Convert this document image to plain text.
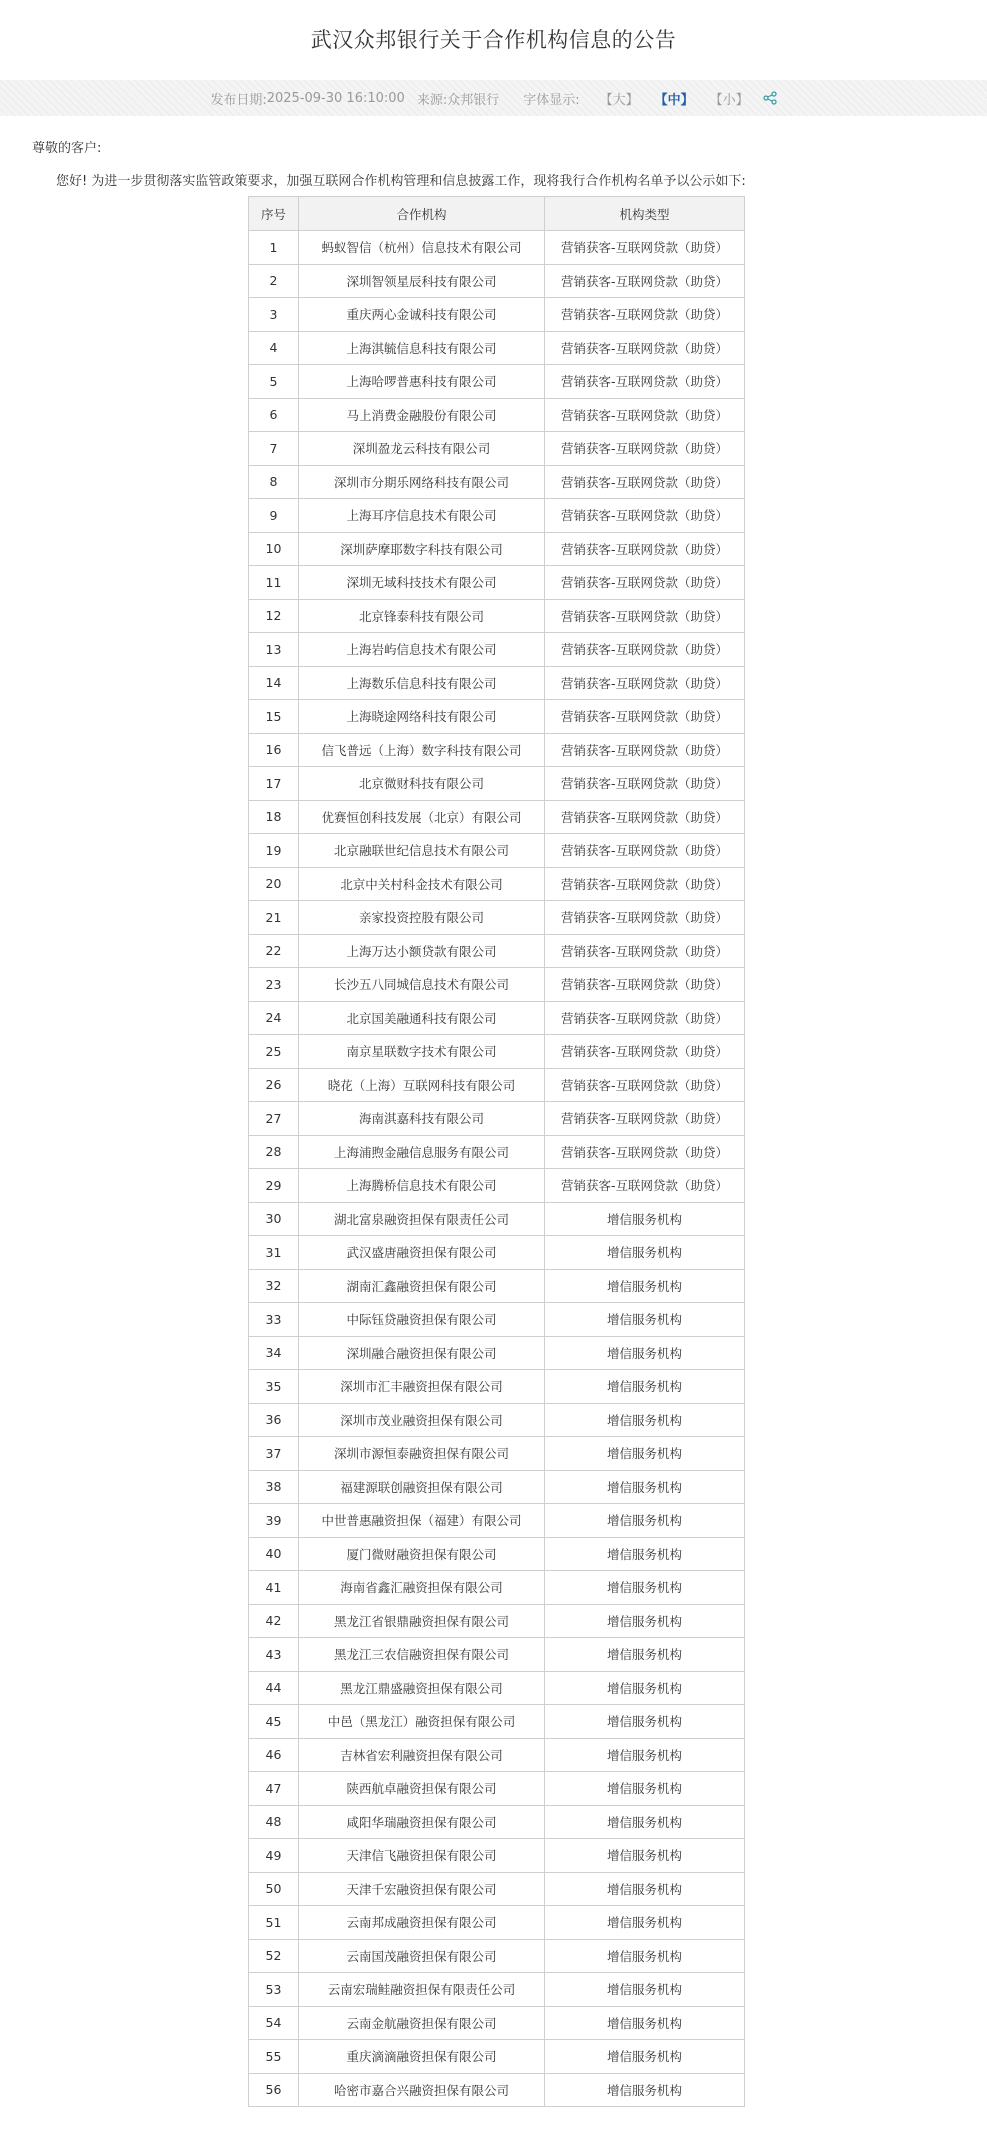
武汉众邦银行关于合作机构信息的公告
发布日期: 2025-09-30 16:10:00 来源: 众邦银行 字体显示: 【大】 【中】 【小】
尊敬的客户:
您好! 为进一步贯彻落实监管政策要求，加强互联网合作机构管理和信息披露工作，现将我行合作机构名单予以公示如下:
序号	合作机构	机构类型
1	蚂蚁智信（杭州）信息技术有限公司	营销获客-互联网贷款（助贷）
2	深圳智领星辰科技有限公司	营销获客-互联网贷款（助贷）
3	重庆两心金诚科技有限公司	营销获客-互联网贷款（助贷）
4	上海淇毓信息科技有限公司	营销获客-互联网贷款（助贷）
5	上海哈啰普惠科技有限公司	营销获客-互联网贷款（助贷）
6	马上消费金融股份有限公司	营销获客-互联网贷款（助贷）
7	深圳盈龙云科技有限公司	营销获客-互联网贷款（助贷）
8	深圳市分期乐网络科技有限公司	营销获客-互联网贷款（助贷）
9	上海耳序信息技术有限公司	营销获客-互联网贷款（助贷）
10	深圳萨摩耶数字科技有限公司	营销获客-互联网贷款（助贷）
11	深圳无域科技技术有限公司	营销获客-互联网贷款（助贷）
12	北京锋泰科技有限公司	营销获客-互联网贷款（助贷）
13	上海岩屿信息技术有限公司	营销获客-互联网贷款（助贷）
14	上海数乐信息科技有限公司	营销获客-互联网贷款（助贷）
15	上海晓途网络科技有限公司	营销获客-互联网贷款（助贷）
16	信飞普远（上海）数字科技有限公司	营销获客-互联网贷款（助贷）
17	北京微财科技有限公司	营销获客-互联网贷款（助贷）
18	优赛恒创科技发展（北京）有限公司	营销获客-互联网贷款（助贷）
19	北京融联世纪信息技术有限公司	营销获客-互联网贷款（助贷）
20	北京中关村科金技术有限公司	营销获客-互联网贷款（助贷）
21	亲家投资控股有限公司	营销获客-互联网贷款（助贷）
22	上海万达小额贷款有限公司	营销获客-互联网贷款（助贷）
23	长沙五八同城信息技术有限公司	营销获客-互联网贷款（助贷）
24	北京国美融通科技有限公司	营销获客-互联网贷款（助贷）
25	南京星联数字技术有限公司	营销获客-互联网贷款（助贷）
26	晓花（上海）互联网科技有限公司	营销获客-互联网贷款（助贷）
27	海南淇嘉科技有限公司	营销获客-互联网贷款（助贷）
28	上海浦煦金融信息服务有限公司	营销获客-互联网贷款（助贷）
29	上海腾桥信息技术有限公司	营销获客-互联网贷款（助贷）
30	湖北富泉融资担保有限责任公司	增信服务机构
31	武汉盛唐融资担保有限公司	增信服务机构
32	湖南汇鑫融资担保有限公司	增信服务机构
33	中际钰贷融资担保有限公司	增信服务机构
34	深圳融合融资担保有限公司	增信服务机构
35	深圳市汇丰融资担保有限公司	增信服务机构
36	深圳市茂业融资担保有限公司	增信服务机构
37	深圳市源恒泰融资担保有限公司	增信服务机构
38	福建源联创融资担保有限公司	增信服务机构
39	中世普惠融资担保（福建）有限公司	增信服务机构
40	厦门微财融资担保有限公司	增信服务机构
41	海南省鑫汇融资担保有限公司	增信服务机构
42	黑龙江省银鼎融资担保有限公司	增信服务机构
43	黑龙江三农信融资担保有限公司	增信服务机构
44	黑龙江鼎盛融资担保有限公司	增信服务机构
45	中邑（黑龙江）融资担保有限公司	增信服务机构
46	吉林省宏利融资担保有限公司	增信服务机构
47	陕西航卓融资担保有限公司	增信服务机构
48	咸阳华瑞融资担保有限公司	增信服务机构
49	天津信飞融资担保有限公司	增信服务机构
50	天津千宏融资担保有限公司	增信服务机构
51	云南邦成融资担保有限公司	增信服务机构
52	云南国茂融资担保有限公司	增信服务机构
53	云南宏瑞鲑融资担保有限责任公司	增信服务机构
54	云南金航融资担保有限公司	增信服务机构
55	重庆滴滴融资担保有限公司	增信服务机构
56	哈密市嘉合兴融资担保有限公司	增信服务机构
